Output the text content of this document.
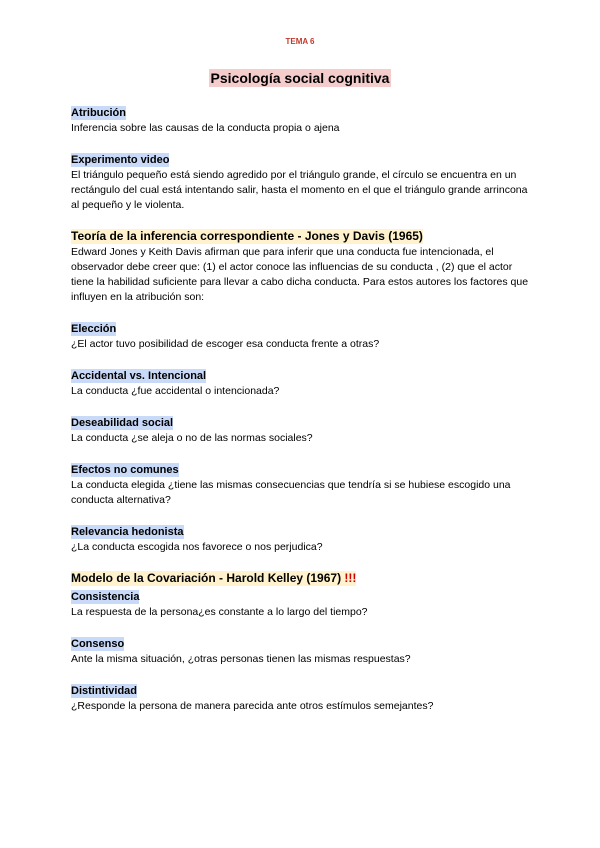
TEMA 6
Psicología social cognitiva
Atribución
Inferencia sobre las causas de la conducta propia o ajena
Experimento video
El triángulo pequeño está siendo agredido por el triángulo grande, el círculo se encuentra en un rectángulo del cual está intentando salir, hasta el momento en el que el triángulo grande arrincona al pequeño y le violenta.
Teoría de la inferencia correspondiente - Jones y Davis (1965)
Edward Jones y Keith Davis afirman que para inferir que una conducta fue intencionada, el observador debe creer que: (1) el actor conoce las influencias de su conducta , (2) que el actor tiene la habilidad suficiente para llevar a cabo dicha conducta. Para estos autores los factores que influyen en la atribución son:
Elección
¿El actor tuvo posibilidad de escoger esa conducta frente a otras?
Accidental vs. Intencional
La conducta ¿fue accidental o intencionada?
Deseabilidad social
La conducta ¿se aleja o no de las normas sociales?
Efectos no comunes
La conducta elegida ¿tiene las mismas consecuencias que tendría si se hubiese escogido una conducta alternativa?
Relevancia hedonista
¿La conducta escogida nos favorece o nos perjudica?
Modelo de la Covariación - Harold Kelley (1967) !!!
Consistencia
La respuesta de la persona¿es constante a lo largo del tiempo?
Consenso
Ante la misma situación, ¿otras personas tienen las mismas respuestas?
Distintividad
¿Responde la persona de manera parecida ante otros estímulos semejantes?
